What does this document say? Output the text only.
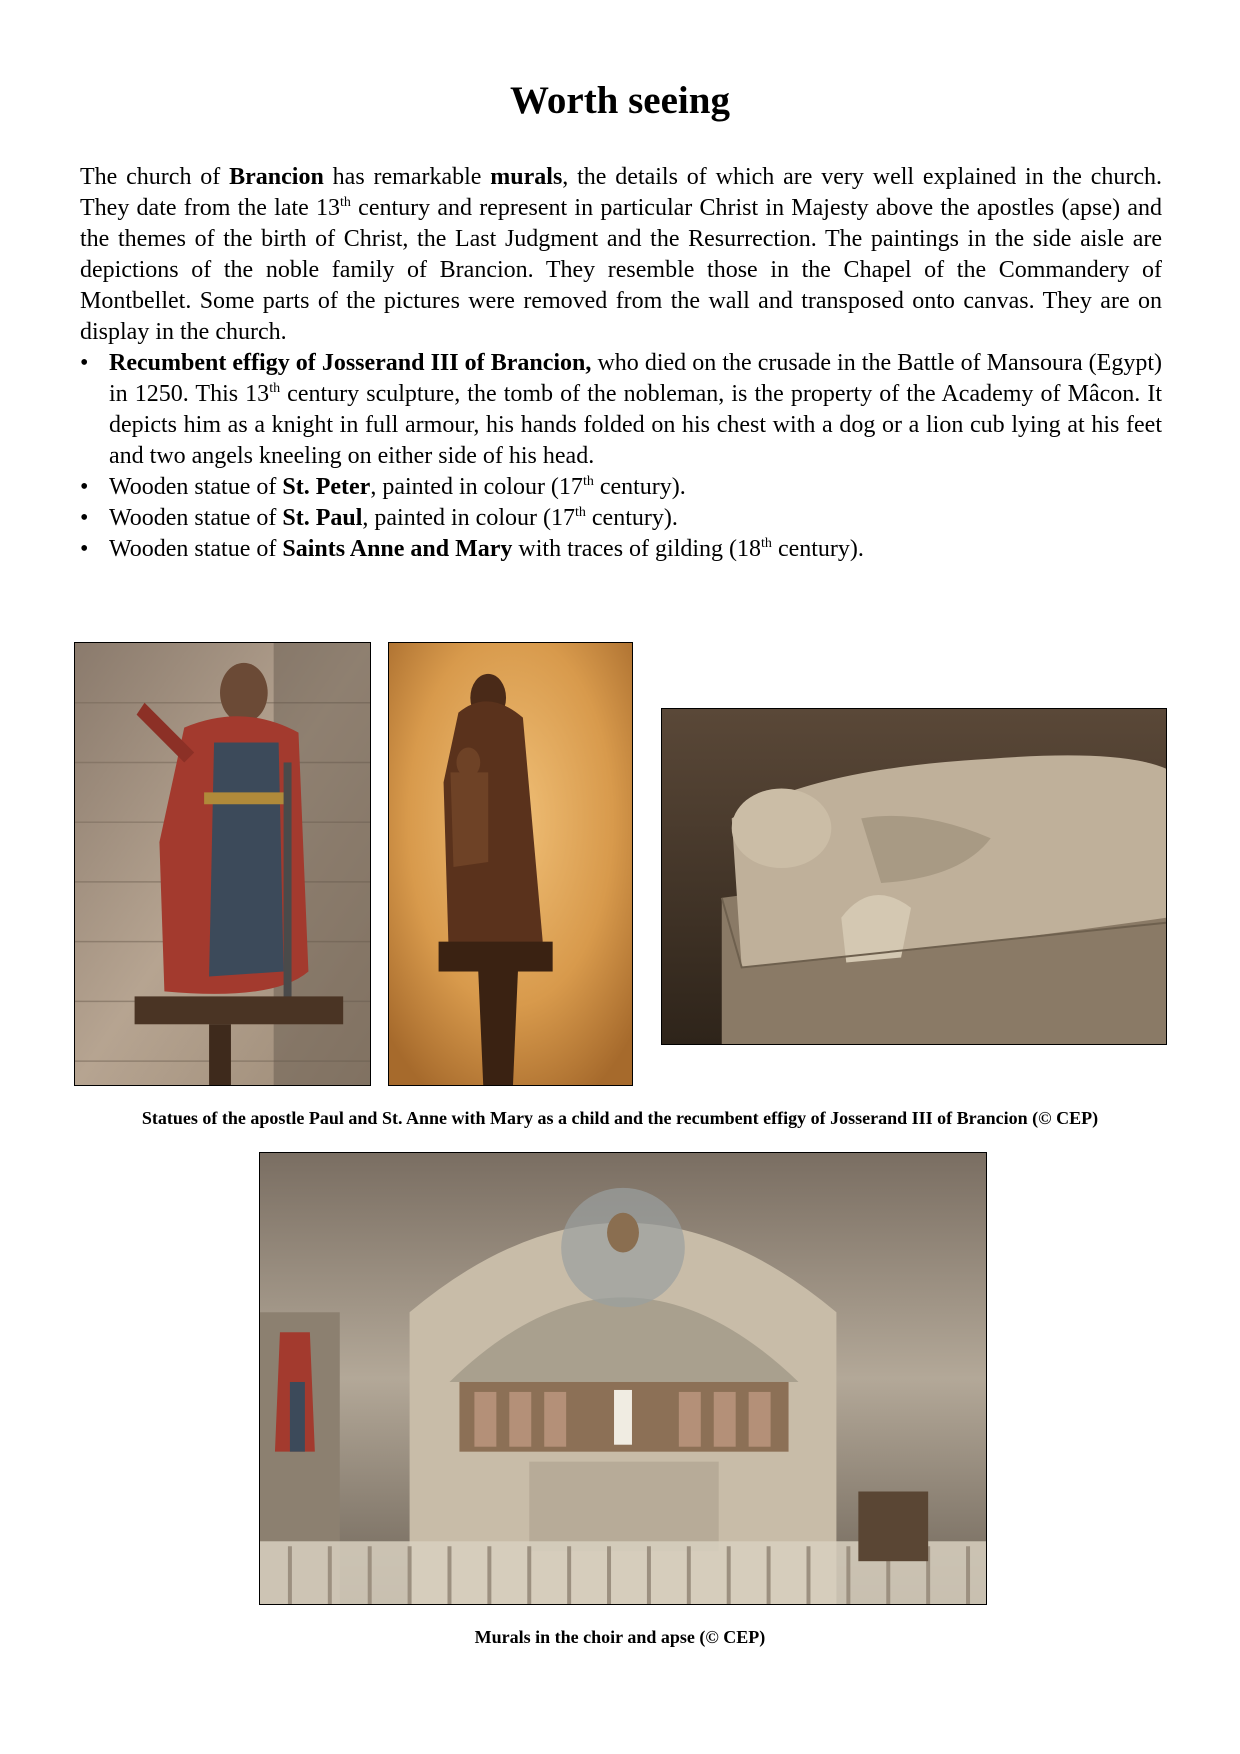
Worth seeing

The church of Brancion has remarkable murals, the details of which are very well explained in the church. They date from the late 13th century and represent in particular Christ in Majesty above the apostles (apse) and the themes of the birth of Christ, the Last Judgment and the Resurrection. The paintings in the side aisle are depictions of the noble family of Brancion. They resemble those in the Chapel of the Commandery of Montbellet. Some parts of the pictures were removed from the wall and transposed onto canvas. They are on display in the church.

• Recumbent effigy of Josserand III of Brancion, who died on the crusade in the Battle of Mansoura (Egypt) in 1250. This 13th century sculpture, the tomb of the nobleman, is the property of the Academy of Mâcon. It depicts him as a knight in full armour, his hands folded on his chest with a dog or a lion cub lying at his feet and two angels kneeling on either side of his head.
• Wooden statue of St. Peter, painted in colour (17th century).
• Wooden statue of St. Paul, painted in colour (17th century).
• Wooden statue of Saints Anne and Mary with traces of gilding (18th century).
Statues of the apostle Paul and St. Anne with Mary as a child and the recumbent effigy of Josserand III of Brancion (© CEP)
Murals in the choir and apse (© CEP)
